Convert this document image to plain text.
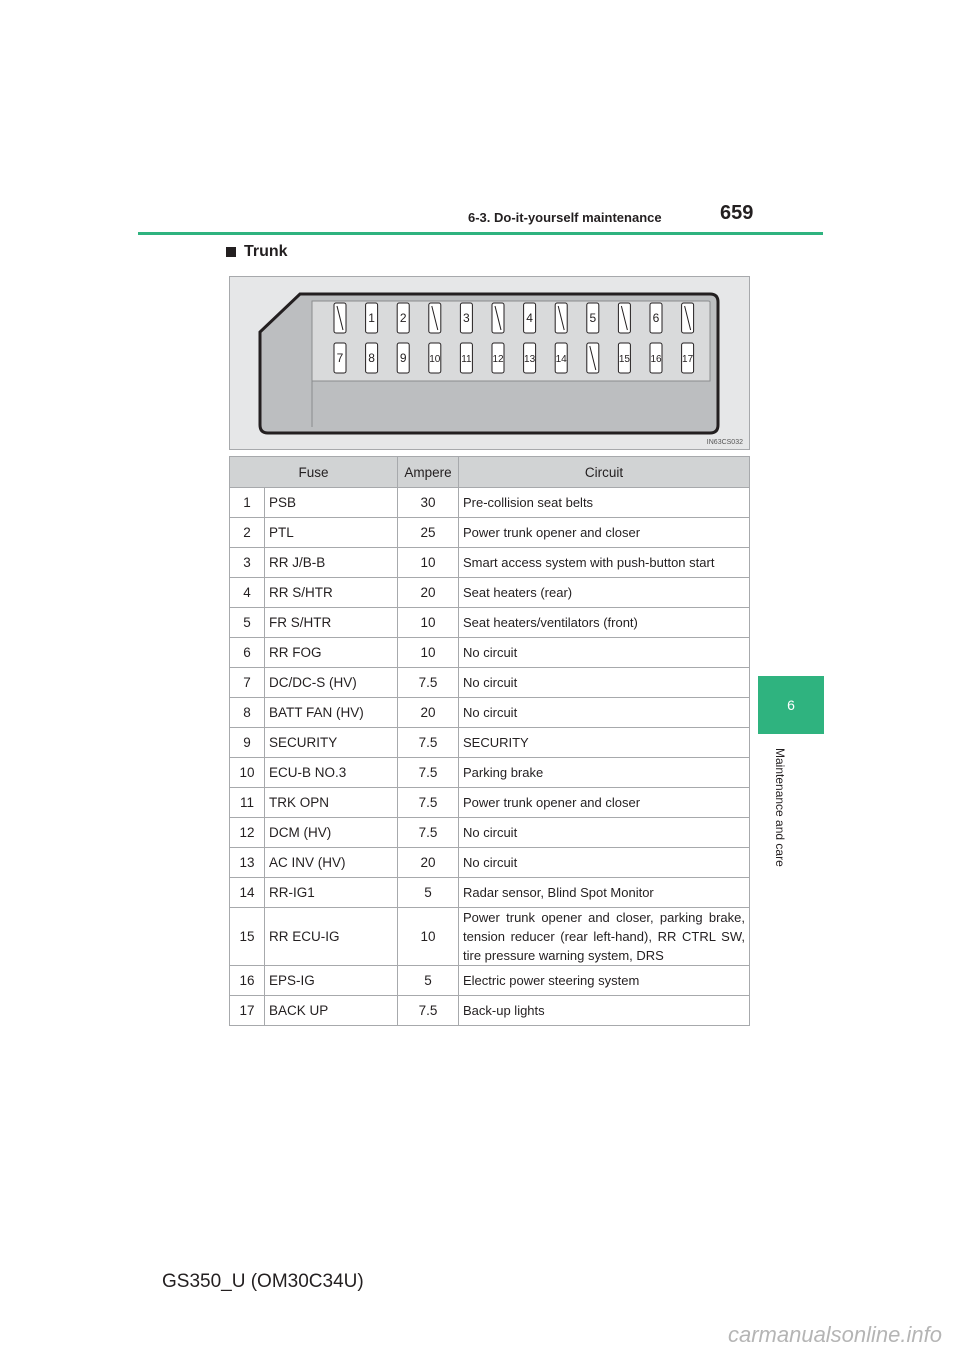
6-3. Do-it-yourself maintenance	659
6
Maintenance and care
Trunk
1 2	3	4	5	6
7 8 9 10 11 12 13 14	15 16 17
IN63CS032
Fuse		Ampere	Circuit
1	PSB	30	Pre-collision seat belts
2	PTL	25	Power trunk opener and closer
3	RR J/B-B	10	Smart access system with push-button start
4	RR S/HTR	20	Seat heaters (rear)
5	FR S/HTR	10	Seat heaters/ventilators (front)
6	RR FOG	10	No circuit
7	DC/DC-S (HV)	7.5	No circuit
8	BATT FAN (HV)	20	No circuit
9	SECURITY	7.5	SECURITY
10	ECU-B NO.3	7.5	Parking brake
11	TRK OPN	7.5	Power trunk opener and closer
12	DCM (HV)	7.5	No circuit
13	AC INV (HV)	20	No circuit
14	RR-IG1	5	Radar sensor, Blind Spot Monitor
15	RR ECU-IG	10	Power trunk opener and closer, parking brake, tension reducer (rear left-hand), RR CTRL SW, tire pressure warning system, DRS
16	EPS-IG	5	Electric power steering system
17	BACK UP	7.5	Back-up lights
GS350_U (OM30C34U)
carmanualsonline.info
